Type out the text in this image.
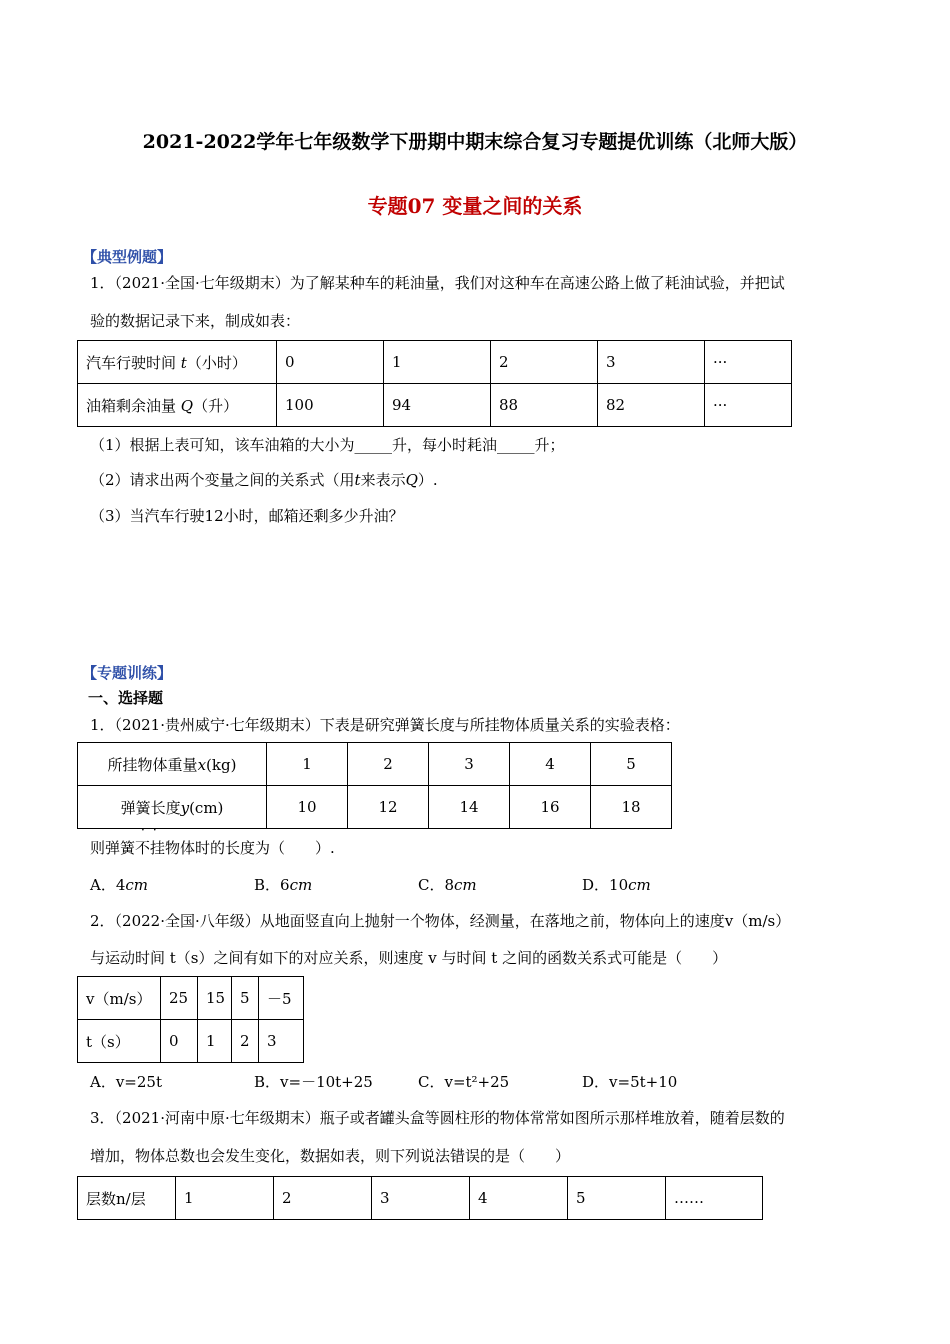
2021-2022学年七年级数学下册期中期末综合复习专题提优训练（北师大版）
专题07 变量之间的关系
【典型例题】
1．（2021·全国·七年级期末）为了解某种车的耗油量，我们对这种车在高速公路上做了耗油试验，并把试
验的数据记录下来，制成如表：
汽车行驶时间 t（小时）	0	1	2	3	···
油箱剩余油量 Q（升）	100	94	88	82	···
（1）根据上表可知，该车油箱的大小为_____升，每小时耗油_____升；
（2）请求出两个变量之间的关系式（用t来表示Q）.
（3）当汽车行驶12小时，邮箱还剩多少升油？
【专题训练】
一、选择题
1．（2021·贵州威宁·七年级期末）下表是研究弹簧长度与所挂物体质量关系的实验表格：
所挂物体重量x(kg)	1	2	3	4	5
弹簧长度y(cm)	10	12	14	16	18
··
则弹簧不挂物体时的长度为（　　）.
A．4cm	B．6cm	C．8cm	D．10cm
2．（2022·全国·八年级）从地面竖直向上抛射一个物体，经测量，在落地之前，物体向上的速度v（m/s）
与运动时间 t（s）之间有如下的对应关系，则速度 v 与时间 t 之间的函数关系式可能是（　　）
v（m/s）	25	15	5	－5
t（s）	0	1	2	3
A．v=25t	B．v=－10t+25	C．v=t²+25	D．v=5t+10
3．（2021·河南中原·七年级期末）瓶子或者罐头盒等圆柱形的物体常常如图所示那样堆放着，随着层数的
增加，物体总数也会发生变化，数据如表，则下列说法错误的是（　　）
层数n/层	1	2	3	4	5	……
